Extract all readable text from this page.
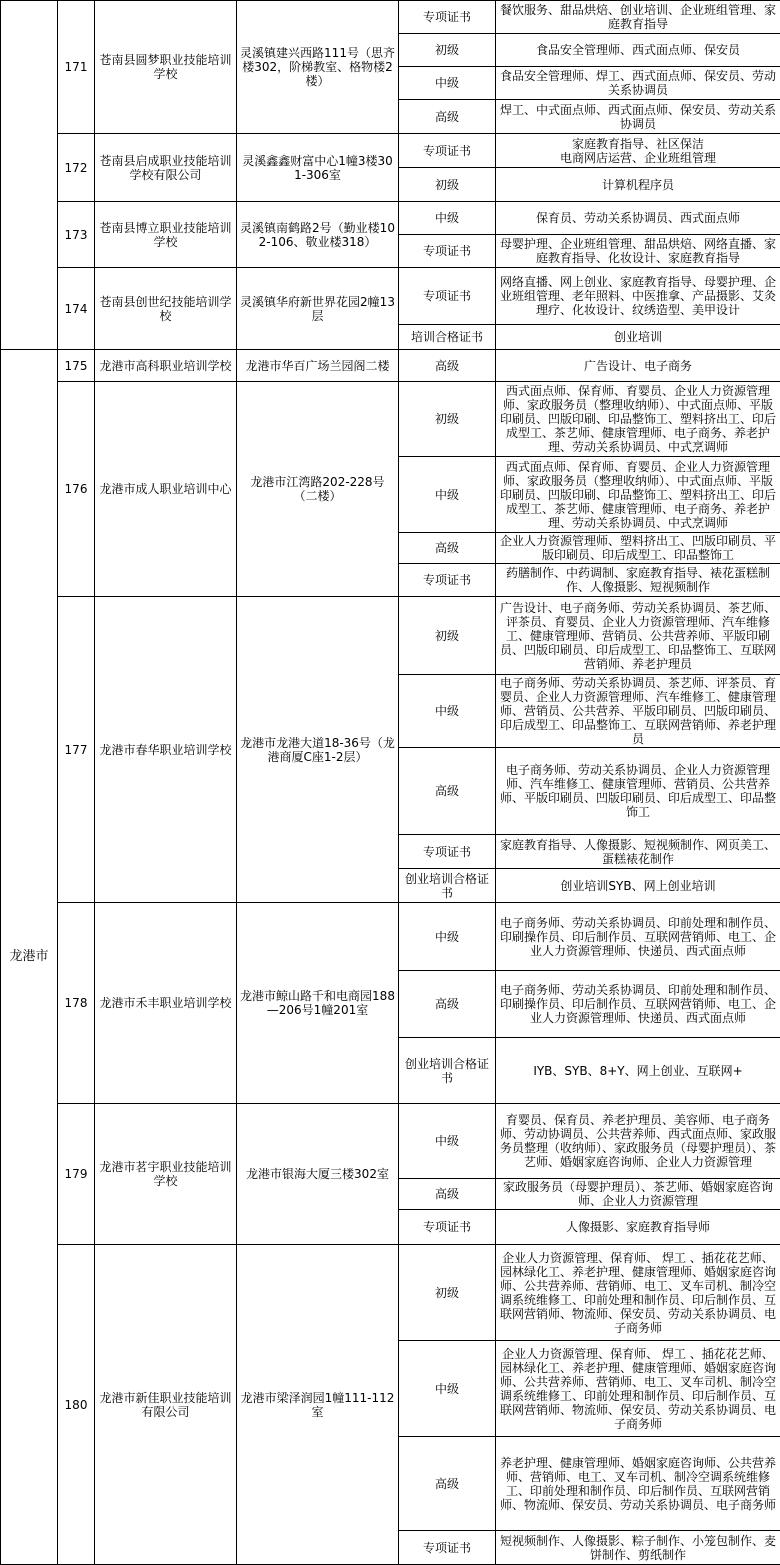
	171	苍南县圆梦职业技能培训学校	灵溪镇建兴西路111号（思齐楼302，阶梯教室、格物楼2楼）	专项证书	餐饮服务、甜品烘焙、创业培训、企业班组管理、家庭教育指导
				初级	食品安全管理师、西式面点师、保安员
				中级	食品安全管理师、焊工、西式面点师、保安员、劳动关系协调员
				高级	焊工、中式面点师、西式面点师、保安员、劳动关系协调员
	172	苍南县启成职业技能培训学校有限公司	灵溪鑫鑫财富中心1幢3楼301-306室	专项证书	家庭教育指导、社区保洁
电商网店运营、企业班组管理
				初级	计算机程序员
	173	苍南县博立职业技能培训学校	灵溪镇南鹤路2号（勤业楼102-106、敬业楼318）	中级	保育员、劳动关系协调员、西式面点师
				专项证书	母婴护理、企业班组管理、甜品烘焙、网络直播、家庭教育指导、化妆设计、家庭教育指导
	174	苍南县创世纪技能培训学校	灵溪镇华府新世界花园2幢13层	专项证书	网络直播、网上创业、家庭教育指导、母婴护理、企业班组管理、老年照料、中医推拿、产品摄影、艾灸理疗、化妆设计、纹绣造型、美甲设计
				培训合格证书	创业培训
龙港市	175	龙港市高科职业培训学校	龙港市华百广场兰园阁二楼	高级	广告设计、电子商务
	176	龙港市成人职业培训中心	龙港市江湾路202-228号（二楼）	初级	西式面点师、保育师、育婴员、企业人力资源管理师、家政服务员（整理收纳师）、中式面点师、平版印刷员、凹版印刷、印品整饰工、塑料挤出工、印后成型工、茶艺师、健康管理师、电子商务、养老护理、劳动关系协调员、中式烹调师
				中级	西式面点师、保育师、育婴员、企业人力资源管理师、家政服务员（整理收纳师）、中式面点师、平版印刷员、凹版印刷、印品整饰工、塑料挤出工、印后成型工、茶艺师、健康管理师、电子商务、养老护理、劳动关系协调员、中式烹调师
				高级	企业人力资源管理师、塑料挤出工、凹版印刷员、平版印刷员、印后成型工、印品整饰工
				专项证书	药膳制作、中药调制、家庭教育指导、裱花蛋糕制作、人像摄影、短视频制作
	177	龙港市春华职业培训学校	龙港市龙港大道18-36号（龙港商厦C座1-2层）	初级	广告设计、电子商务师、劳动关系协调员、茶艺师、评茶员、育婴员、企业人力资源管理师、汽车维修工、健康管理师、营销员、公共营养师、平版印刷员、凹版印刷员、印后成型工、印品整饰工、互联网营销师、养老护理员
				中级	电子商务师、劳动关系协调员、茶艺师、评茶员、育婴员、企业人力资源管理师、汽车维修工、健康管理师、营销员、公共营养、平版印刷员、凹版印刷员、印后成型工、印品整饰工、互联网营销师、养老护理员
				高级	电子商务师、劳动关系协调员、企业人力资源管理师、汽车维修工、健康管理师、营销员、公共营养师、平版印刷员、凹版印刷员、印后成型工、印品整饰工
				专项证书	家庭教育指导、人像摄影、短视频制作、网页美工、蛋糕裱花制作
				创业培训合格证书	创业培训SYB、网上创业培训
	178	龙港市禾丰职业培训学校	龙港市鲸山路千和电商园188—206号1幢201室	中级	电子商务师、劳动关系协调员、印前处理和制作员、印刷操作员、印后制作员、互联网营销师、电工、企业人力资源管理师、快递员、西式面点师
				高级	电子商务师、劳动关系协调员、印前处理和制作员、印刷操作员、印后制作员、互联网营销师、电工、企业人力资源管理师、快递员、西式面点师
				创业培训合格证书	IYB、SYB、8+Y、网上创业、互联网+
	179	龙港市茗宇职业技能培训学校	龙港市银海大厦三楼302室	中级	育婴员、保育员、养老护理员、美容师、电子商务师、劳动协调员、公共营养师、西式面点师、家政服务员整理（收纳师）、家政服务员（母婴护理员）、茶艺师、婚姻家庭咨询师、企业人力资源管理
				高级	家政服务员（母婴护理员）、茶艺师、婚姻家庭咨询师、企业人力资源管理
				专项证书	人像摄影、家庭教育指导师
	180	龙港市新佳职业技能培训有限公司	龙港市梁泽润园1幢111-112室	初级	企业人力资源管理、保育师、 焊工 、插花花艺师、园林绿化工、养老护理、健康管理师、婚姻家庭咨询师、公共营养师、营销师、电工、叉车司机、制冷空调系统维修工、印前处理和制作员、印后制作员、互联网营销师、物流师、保安员、劳动关系协调员、电子商务师
				中级	企业人力资源管理、保育师、 焊工 、插花花艺师、园林绿化工、养老护理、健康管理师、婚姻家庭咨询师、公共营养师、营销师、电工、叉车司机、制冷空调系统维修工、印前处理和制作员、印后制作员、互联网营销师、物流师、保安员、劳动关系协调员、电子商务师
				高级	养老护理、健康管理师、婚姻家庭咨询师、公共营养师、营销师、电工、叉车司机、制冷空调系统维修工、印前处理和制作员、印后制作员、互联网营销师、物流师、保安员、劳动关系协调员、电子商务师
				专项证书	短视频制作、人像摄影、粽子制作、小笼包制作、麦饼制作、剪纸制作
